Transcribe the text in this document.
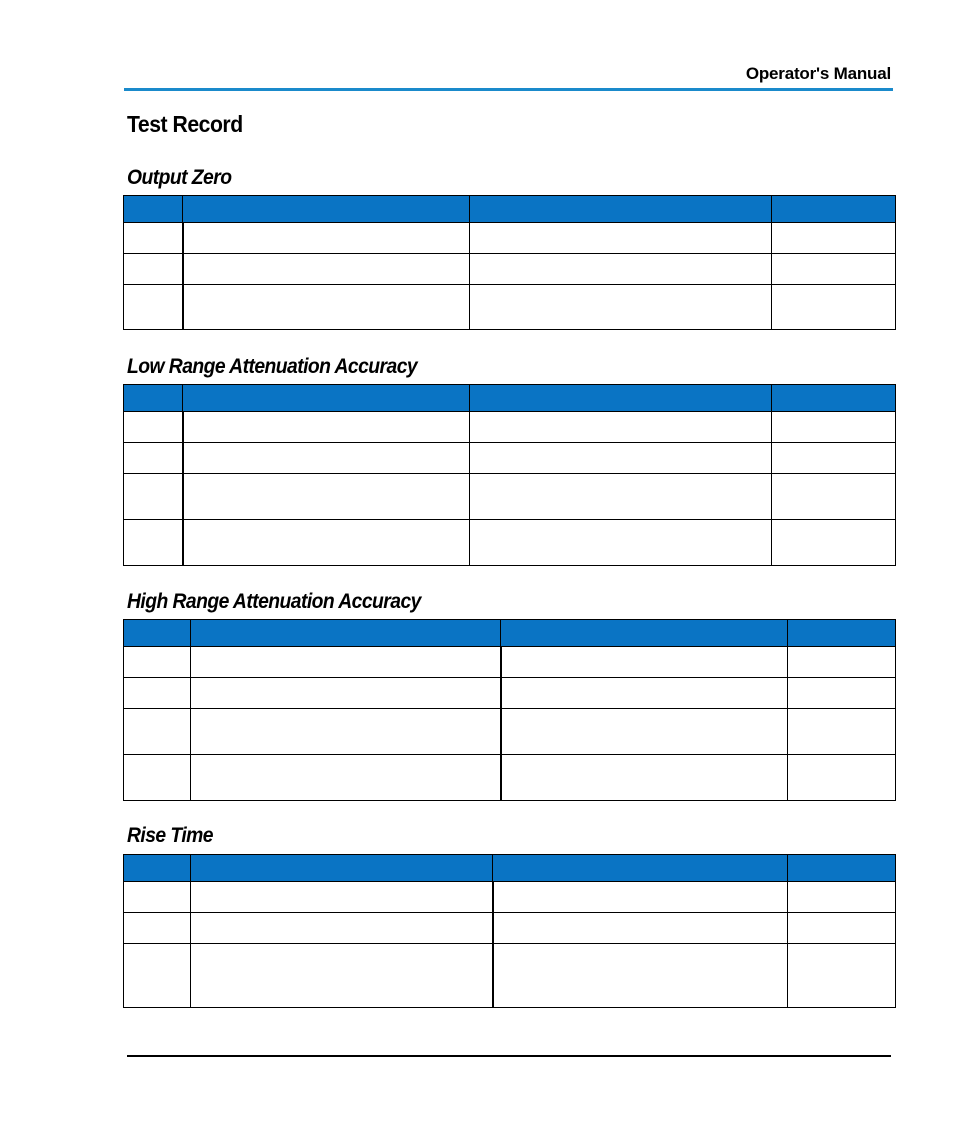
Operator's Manual
Test Record
Output Zero

Low Range Attenuation Accuracy

High Range Attenuation Accuracy

Rise Time
